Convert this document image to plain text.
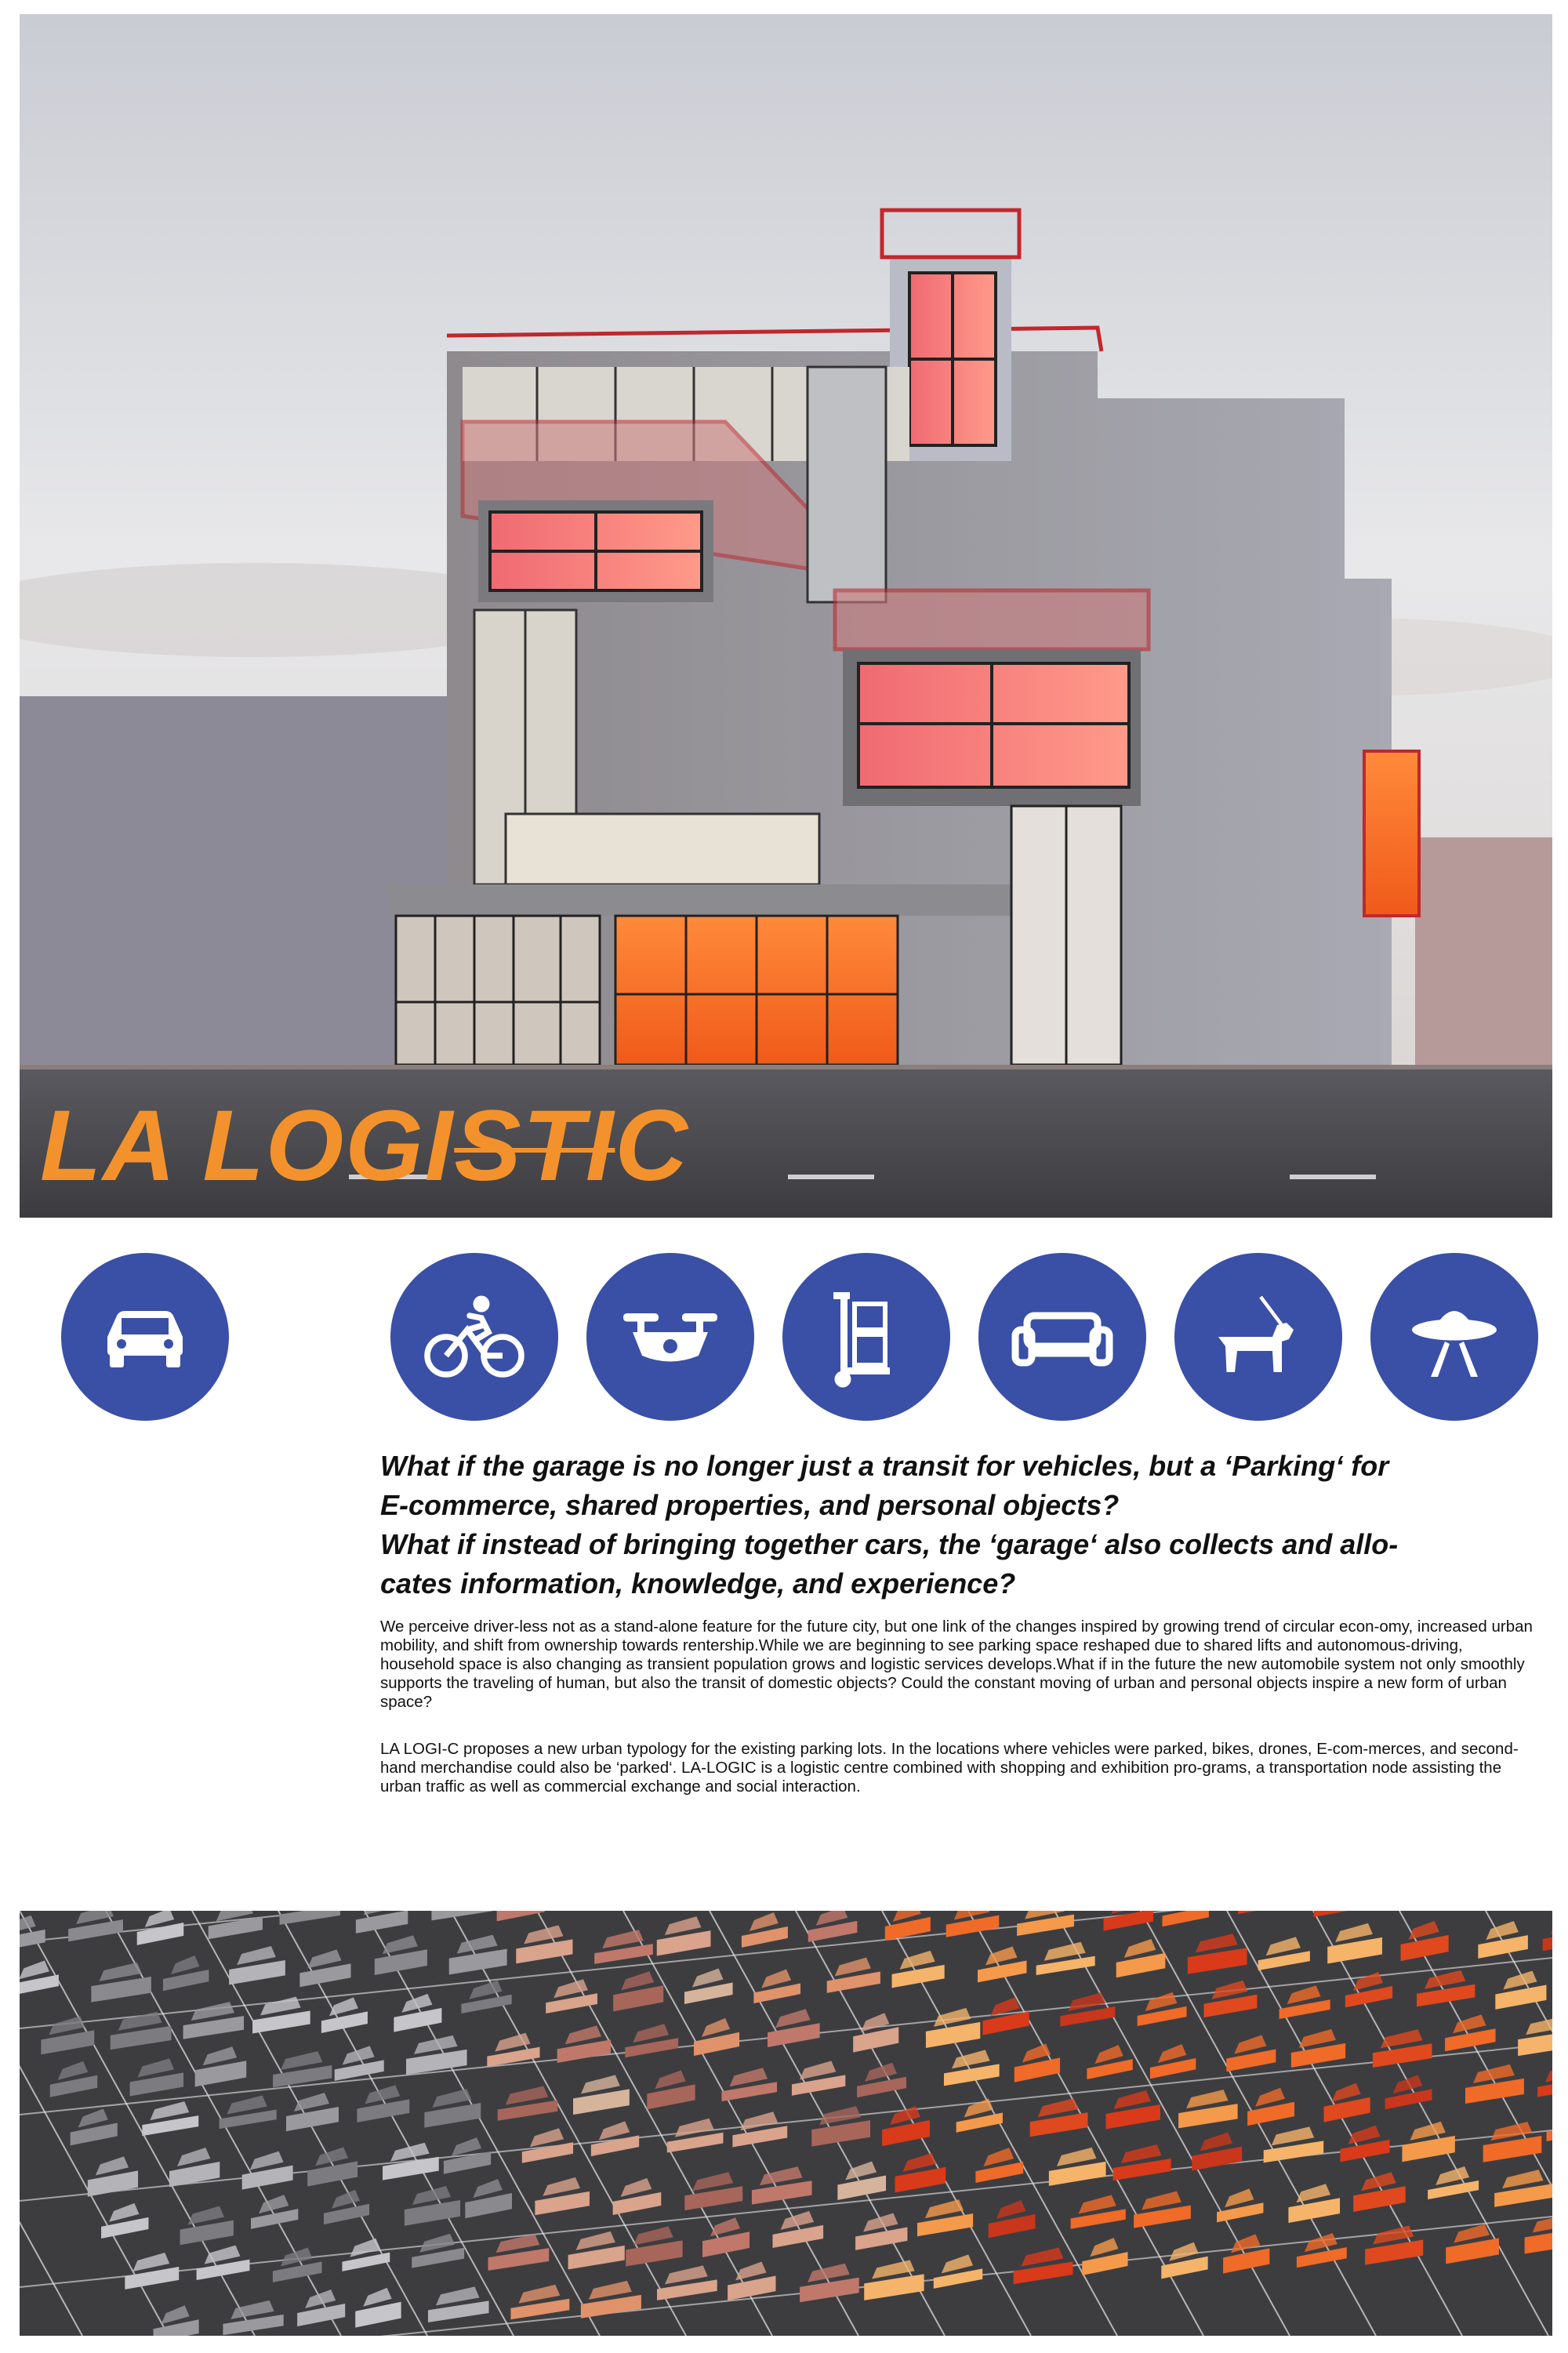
LA LOGISTIC

What if the garage is no longer just a transit for vehicles, but a ‘Parking‘ for

E-commerce, shared properties, and personal objects?

What if instead of bringing together cars, the ‘garage‘ also collects and allo-

cates information, knowledge, and experience?

We perceive driver-less not as a stand-alone feature for the future city, but one link of the changes inspired by growing trend of circular econ-omy, increased urban mobility, and shift from ownership towards rentership.While we are beginning to see parking space reshaped due to shared lifts and autonomous-driving, household space is also changing as transient population grows and logistic services develops.What if in the future the new automobile system not only smoothly supports the traveling of human, but also the transit of domestic objects? Could the constant moving of urban and personal objects inspire a new form of urban space?

LA LOGI-C proposes a new urban typology for the existing parking lots. In the locations where vehicles were parked, bikes, drones, E-com-merces, and second-hand merchandise could also be ‘parked‘. LA-LOGIC is a logistic centre combined with shopping and exhibition pro-grams, a transportation node assisting the urban traffic as well as commercial exchange and social interaction.
